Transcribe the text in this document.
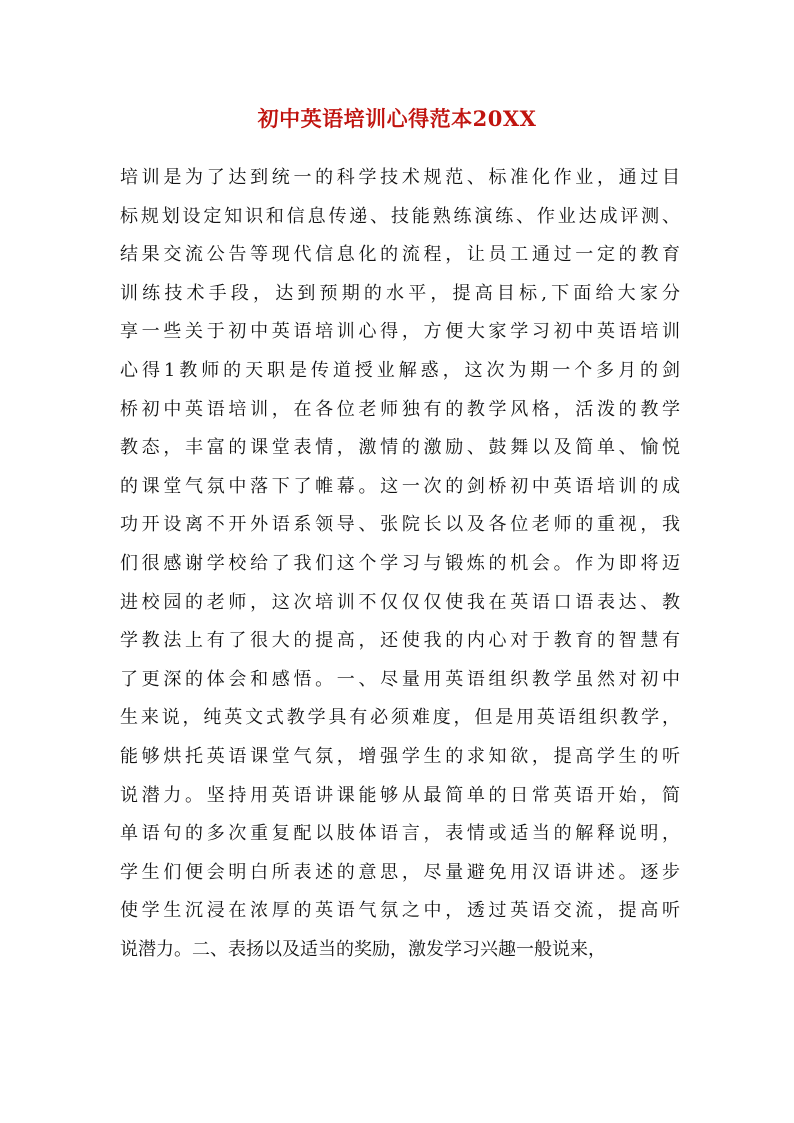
初中英语培训心得范本20XX
培训是为了达到统一的科学技术规范、标准化作业，通过目
标规划设定知识和信息传递、技能熟练演练、作业达成评测、
结果交流公告等现代信息化的流程，让员工通过一定的教育
训练技术手段，达到预期的水平，提高目标,下面给大家分
享一些关于初中英语培训心得，方便大家学习初中英语培训
心得1教师的天职是传道授业解惑，这次为期一个多月的剑
桥初中英语培训，在各位老师独有的教学风格，活泼的教学
教态，丰富的课堂表情，激情的激励、鼓舞以及简单、愉悦
的课堂气氛中落下了帷幕。这一次的剑桥初中英语培训的成
功开设离不开外语系领导、张院长以及各位老师的重视，我
们很感谢学校给了我们这个学习与锻炼的机会。作为即将迈
进校园的老师，这次培训不仅仅仅使我在英语口语表达、教
学教法上有了很大的提高，还使我的内心对于教育的智慧有
了更深的体会和感悟。一、尽量用英语组织教学虽然对初中
生来说，纯英文式教学具有必须难度，但是用英语组织教学，
能够烘托英语课堂气氛，增强学生的求知欲，提高学生的听
说潜力。坚持用英语讲课能够从最简单的日常英语开始，简
单语句的多次重复配以肢体语言，表情或适当的解释说明，
学生们便会明白所表述的意思，尽量避免用汉语讲述。逐步
使学生沉浸在浓厚的英语气氛之中，透过英语交流，提高听
说潜力。二、表扬以及适当的奖励，激发学习兴趣一般说来，
